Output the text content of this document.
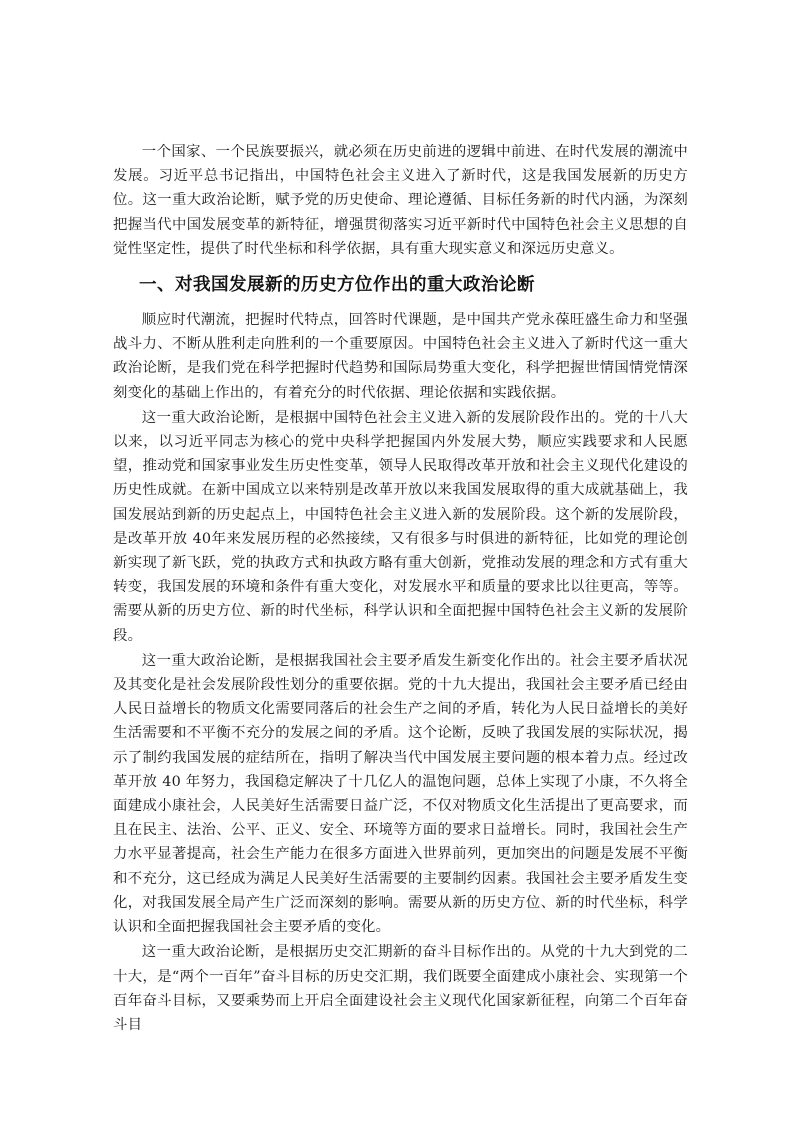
一个国家、一个民族要振兴，就必须在历史前进的逻辑中前进、在时代发展的潮流中发展。习近平总书记指出，中国特色社会主义进入了新时代，这是我国发展新的历史方位。这一重大政治论断，赋予党的历史使命、理论遵循、目标任务新的时代内涵，为深刻把握当代中国发展变革的新特征，增强贯彻落实习近平新时代中国特色社会主义思想的自觉性坚定性，提供了时代坐标和科学依据，具有重大现实意义和深远历史意义。

一、对我国发展新的历史方位作出的重大政治论断

顺应时代潮流，把握时代特点，回答时代课题，是中国共产党永葆旺盛生命力和坚强战斗力、不断从胜利走向胜利的一个重要原因。中国特色社会主义进入了新时代这一重大政治论断，是我们党在科学把握时代趋势和国际局势重大变化，科学把握世情国情党情深刻变化的基础上作出的，有着充分的时代依据、理论依据和实践依据。

这一重大政治论断，是根据中国特色社会主义进入新的发展阶段作出的。党的十八大以来，以习近平同志为核心的党中央科学把握国内外发展大势，顺应实践要求和人民愿望，推动党和国家事业发生历史性变革，领导人民取得改革开放和社会主义现代化建设的历史性成就。在新中国成立以来特别是改革开放以来我国发展取得的重大成就基础上，我国发展站到新的历史起点上，中国特色社会主义进入新的发展阶段。这个新的发展阶段，是改革开放 40年来发展历程的必然接续，又有很多与时俱进的新特征，比如党的理论创新实现了新飞跃，党的执政方式和执政方略有重大创新，党推动发展的理念和方式有重大转变，我国发展的环境和条件有重大变化，对发展水平和质量的要求比以往更高，等等。需要从新的历史方位、新的时代坐标，科学认识和全面把握中国特色社会主义新的发展阶段。

这一重大政治论断，是根据我国社会主要矛盾发生新变化作出的。社会主要矛盾状况及其变化是社会发展阶段性划分的重要依据。党的十九大提出，我国社会主要矛盾已经由人民日益增长的物质文化需要同落后的社会生产之间的矛盾，转化为人民日益增长的美好生活需要和不平衡不充分的发展之间的矛盾。这个论断，反映了我国发展的实际状况，揭示了制约我国发展的症结所在，指明了解决当代中国发展主要问题的根本着力点。经过改革开放 40 年努力，我国稳定解决了十几亿人的温饱问题，总体上实现了小康，不久将全面建成小康社会，人民美好生活需要日益广泛，不仅对物质文化生活提出了更高要求，而且在民主、法治、公平、正义、安全、环境等方面的要求日益增长。同时，我国社会生产力水平显著提高，社会生产能力在很多方面进入世界前列，更加突出的问题是发展不平衡和不充分，这已经成为满足人民美好生活需要的主要制约因素。我国社会主要矛盾发生变化，对我国发展全局产生广泛而深刻的影响。需要从新的历史方位、新的时代坐标，科学认识和全面把握我国社会主要矛盾的变化。

这一重大政治论断，是根据历史交汇期新的奋斗目标作出的。从党的十九大到党的二十大，是“两个一百年”奋斗目标的历史交汇期，我们既要全面建成小康社会、实现第一个百年奋斗目标，又要乘势而上开启全面建设社会主义现代化国家新征程，向第二个百年奋斗目
